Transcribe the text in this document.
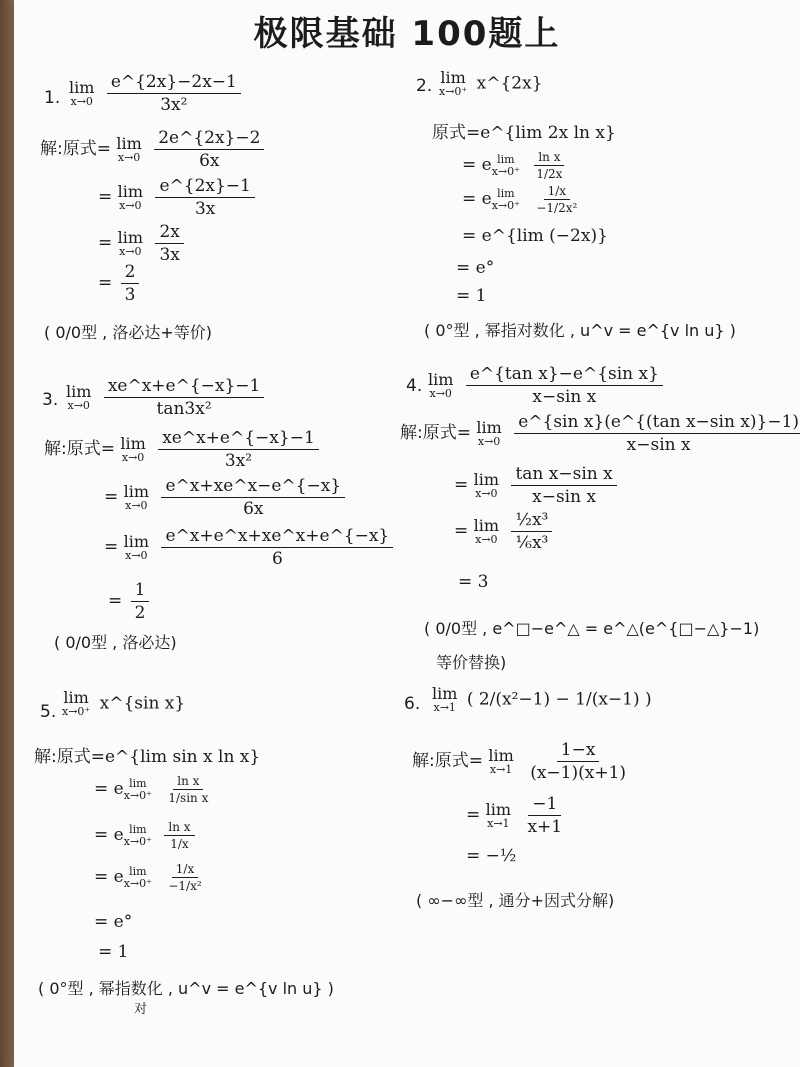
极限基础 100题上
1.
lim
x→0
$\frac{e\^{}\{2x\}-2x-1}{\text{3x²}}$
解:原式= lim
x→0
$\frac{2e\^{}\{2x\}-2}{6x}$
= lim
x→0
$\frac{e\^{}\{2x\}-1}{3x}$
= lim
x→0
$\frac{2x}{3x}$
= $\frac{2}{3}$
( 0/0型 , 洛必达+等价)
2. lim
x→0⁺ x^{2x}
原式=e^{lim 2x ln x}
= e lim
x→0⁺
$\frac{\text{ln x}}{1/2x}$
= e lim
x→0⁺
$\frac{1/x}{\text{−1/2x²}}$
= e^{lim (−2x)}
= e°
= 1
( 0°型 , 幂指对数化 , u^v = e^{v ln u} )
3. lim
x→0
$\frac{xe\^{}x+e\^{}\{-x\}-1}{\text{tan3x²}}$
解:原式= lim
x→0
$\frac{xe\^{}x+e\^{}\{-x\}-1}{\text{3x²}}$
= lim
x→0
$\frac{e\^{}x+xe\^{}x-e\^{}\{-x\}}{6x}$
= lim
x→0
$\frac{e\^{}x+e\^{}x+xe\^{}x+e\^{}\{-x\}}{6}$
= $\frac{1}{2}$
( 0/0型 , 洛必达)
4. lim
x→0
$\frac{\text{e\textasciicircum{}\{tan x\}−e\textasciicircum{}\{sin x\}}}{\text{x−sin x}}$
解:原式= lim
x→0
$\frac{\text{e\textasciicircum{}\{sin x\}(e\textasciicircum{}\{(tan x−sin x)\}−1)}}{\text{x−sin x}}$
= lim
x→0
$\frac{\text{tan x−sin x}}{\text{x−sin x}}$
= lim
x→0
$\frac{\text{½x³}}{\text{⅙x³}}$
= 3
( 0/0型 , e^□−e^△ = e^△(e^{□−△}−1)
等价替换)
5.
lim
x→0⁺ x^{sin x}
解:原式=e^{lim sin x ln x}
= e lim
x→0⁺
$\frac{\text{ln x}}{\text{1/sin x}}$
= e lim
x→0⁺
$\frac{\text{ln x}}{1/x}$
= e lim
x→0⁺
$\frac{1/x}{\text{−1/x²}}$
= e°
= 1
( 0°型 , 幂指数化 , u^v = e^{v ln u} )
对
6.
lim
x→1 ( 2/(x²−1) − 1/(x−1) )
解:原式= lim
x→1
$\frac{1-x}{(x-1)(x+1)}$
= lim
x→1
$\frac{-1}{x+1}$
= −½
( ∞−∞型 , 通分+因式分解)
